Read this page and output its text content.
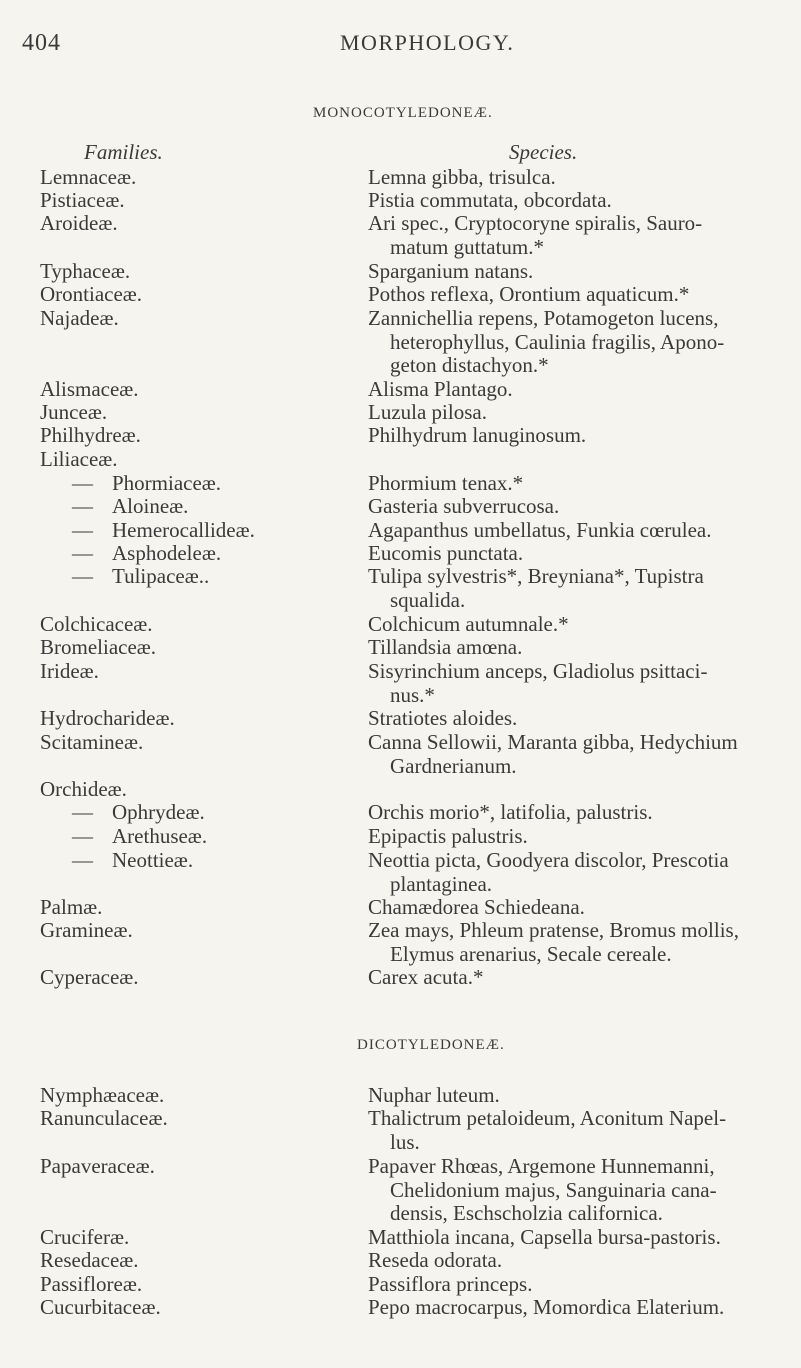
404	MORPHOLOGY.
MONOCOTYLEDONEÆ.
Families.	Species.
Lemnaceæ.
Pistiaceæ.
Aroideæ.
Typhaceæ.
Orontiaceæ.
Najadeæ.
Alismaceæ.
Junceæ.
Philhydreæ.
Liliaceæ.
— Phormiaceæ.
— Aloineæ.
— Hemerocallideæ.
— Asphodeleæ.
— Tulipaceæ..
Colchicaceæ.
Bromeliaceæ.
Irideæ.
Hydrocharideæ.
Scitamineæ.
Orchideæ.
— Ophrydeæ.
— Arethuseæ.
— Neottieæ.
Palmæ.
Gramineæ.
Cyperaceæ.
Lemna gibba, trisulca.
Pistia commutata, obcordata.
Ari spec., Cryptocoryne spiralis, Sauro-
matum guttatum.*
Sparganium natans.
Pothos reflexa, Orontium aquaticum.*
Zannichellia repens, Potamogeton lucens,
heterophyllus, Caulinia fragilis, Apono-
geton distachyon.*
Alisma Plantago.
Luzula pilosa.
Philhydrum lanuginosum.
Phormium tenax.*
Gasteria subverrucosa.
Agapanthus umbellatus, Funkia cœrulea.
Eucomis punctata.
Tulipa sylvestris*, Breyniana*, Tupistra
squalida.
Colchicum autumnale.*
Tillandsia amœna.
Sisyrinchium anceps, Gladiolus psittaci-
nus.*
Stratiotes aloides.
Canna Sellowii, Maranta gibba, Hedychium
Gardnerianum.
Orchis morio*, latifolia, palustris.
Epipactis palustris.
Neottia picta, Goodyera discolor, Prescotia
plantaginea.
Chamædorea Schiedeana.
Zea mays, Phleum pratense, Bromus mollis,
Elymus arenarius, Secale cereale.
Carex acuta.*
DICOTYLEDONEÆ.
Nymphæaceæ.
Ranunculaceæ.
Papaveraceæ.
Cruciferæ.
Resedaceæ.
Passifloreæ.
Cucurbitaceæ.
Nuphar luteum.
Thalictrum petaloideum, Aconitum Napel-
lus.
Papaver Rhœas, Argemone Hunnemanni,
Chelidonium majus, Sanguinaria cana-
densis, Eschscholzia californica.
Matthiola incana, Capsella bursa-pastoris.
Reseda odorata.
Passiflora princeps.
Pepo macrocarpus, Momordica Elaterium.
